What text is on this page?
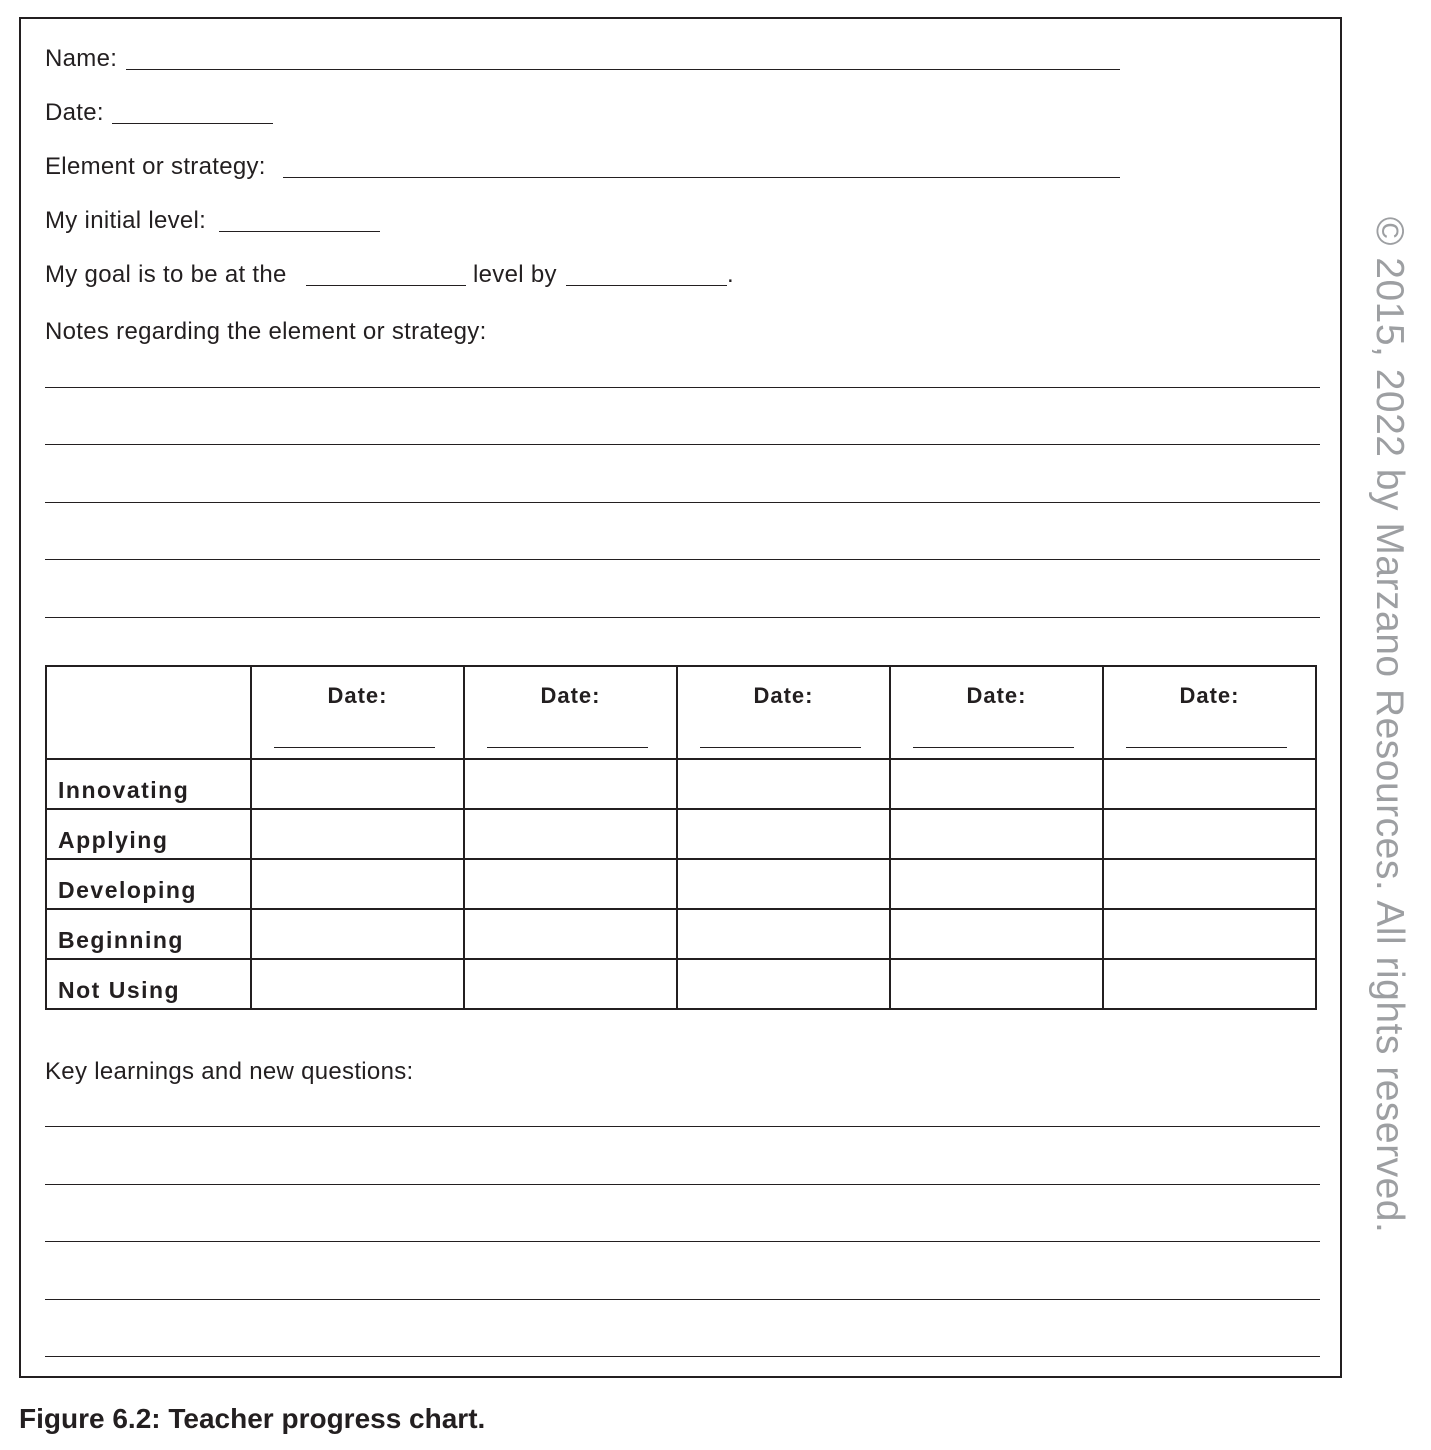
Name:
Date:
Element or strategy:
My initial level:
My goal is to be at the	level by	.
Notes regarding the element or strategy:

	Date:	Date:	Date:	Date:	Date:

Innovating					
Applying					
Developing					
Beginning					
Not Using					
Key learnings and new questions:	© 2015, 2022 by Marzano Resources. All rights reserved.
Figure 6.2: Teacher progress chart.
